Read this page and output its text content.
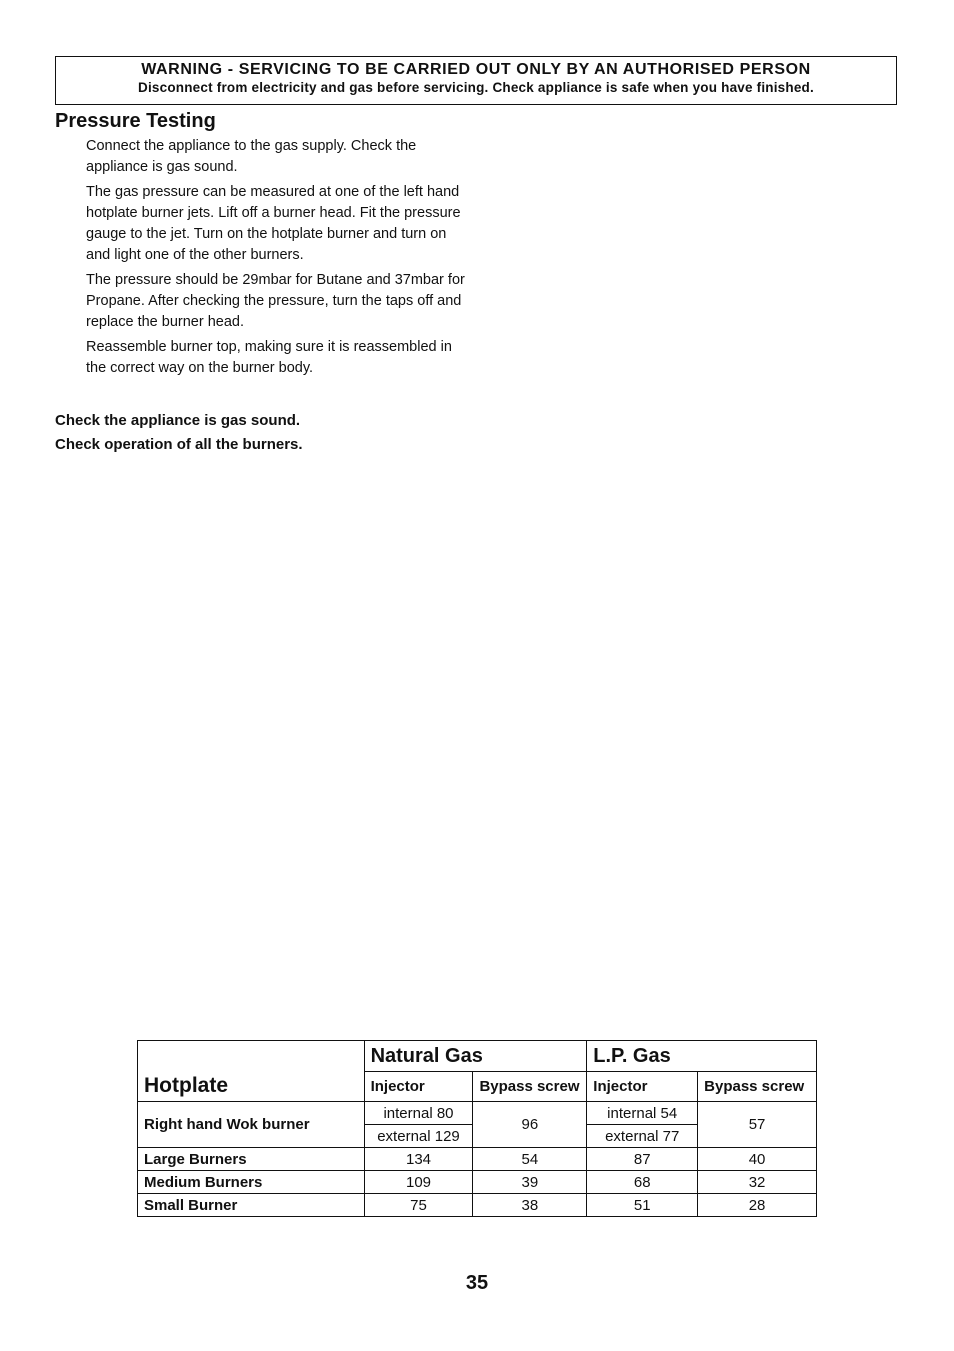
WARNING - SERVICING TO BE CARRIED OUT ONLY BY AN AUTHORISED PERSON
Disconnect from electricity and gas before servicing. Check appliance is safe when you have finished.
Pressure Testing

Connect the appliance to the gas supply. Check the appliance is gas sound.

The gas pressure can be measured at one of the left hand hotplate burner jets. Lift off a burner head. Fit the pressure gauge to the jet. Turn on the hotplate burner and turn on and light one of the other burners.

The pressure should be 29mbar for Butane and 37mbar for Propane. After checking the pressure, turn the taps off and replace the burner head.

Reassemble burner top, making sure it is reassembled in the correct way on the burner body.

Check the appliance is gas sound.

Check operation of all the burners.

	Natural Gas		L.P. Gas	
Hotplate	Injector	Bypass screw	Injector	Bypass screw
Right hand Wok burner	internal 80	96	internal 54	57
	external 129		external 77	
Large Burners	134	54	87	40
Medium Burners	109	39	68	32
Small Burner	75	38	51	28
35
